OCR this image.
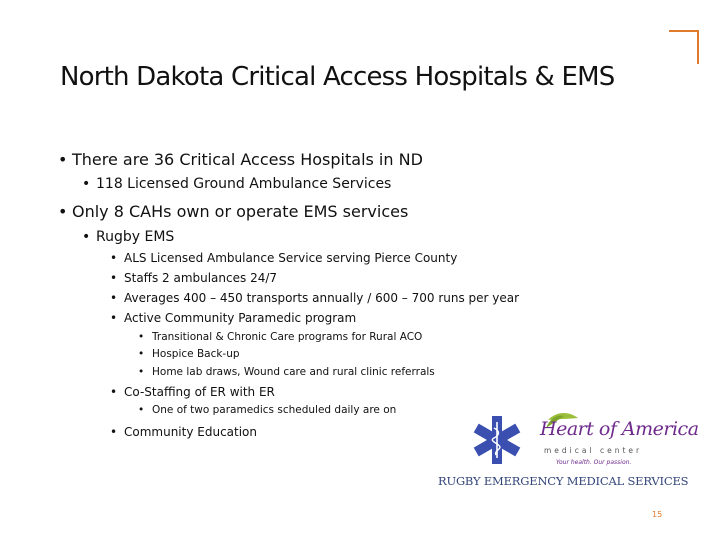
North Dakota Critical Access Hospitals & EMS
• There are 36 Critical Access Hospitals in ND
• 118 Licensed Ground Ambulance Services
• Only 8 CAHs own or operate EMS services
• Rugby EMS
• ALS Licensed Ambulance Service serving Pierce County
• Staffs 2 ambulances 24/7
• Averages 400 – 450 transports annually / 600 – 700 runs per year
• Active Community Paramedic program
• Transitional & Chronic Care programs for Rural ACO
• Hospice Back-up
• Home lab draws, Wound care and rural clinic referrals
• Co-Staffing of ER with ER
• One of two paramedics scheduled daily are on
• Community Education	Heart of America
medical center
Your health. Our passion.
RUGBY EMERGENCY MEDICAL SERVICES
15
